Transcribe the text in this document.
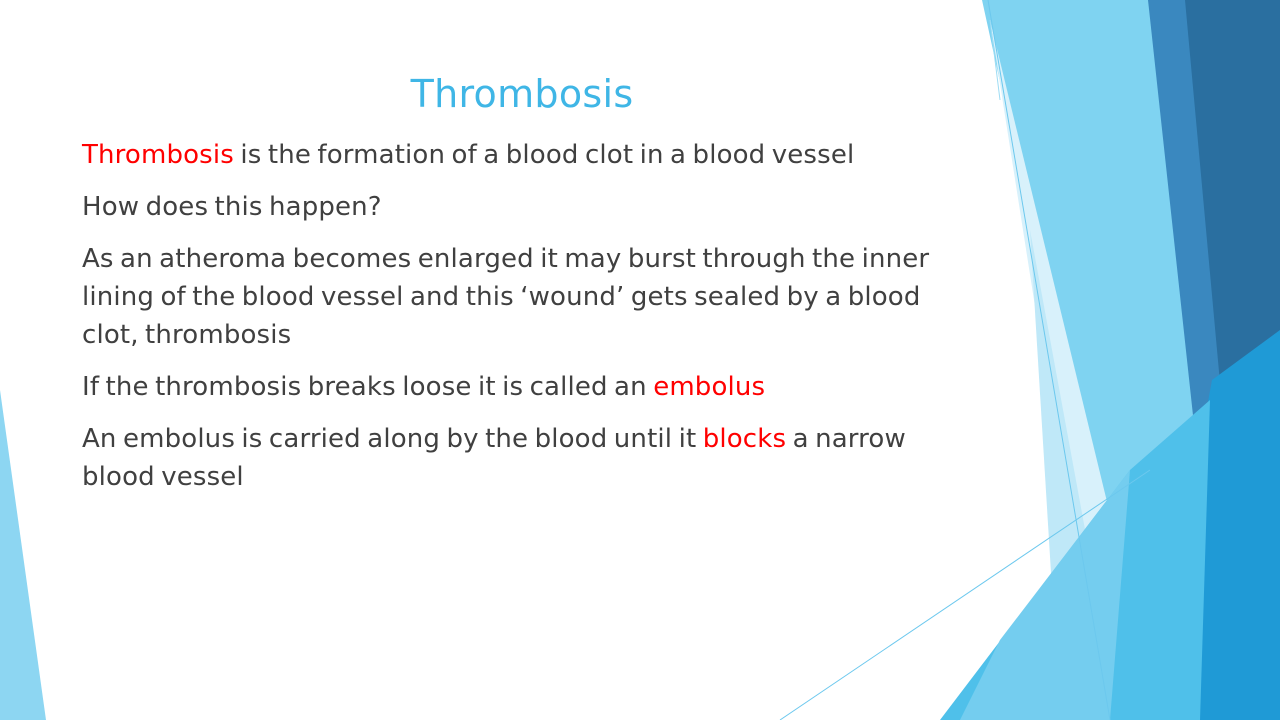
Thrombosis

Thrombosis is the formation of a blood clot in a blood vessel

How does this happen?

As an atheroma becomes enlarged it may burst through the inner lining of the blood vessel and this ‘wound’ gets sealed by a blood clot, thrombosis

If the thrombosis breaks loose it is called an embolus

An embolus is carried along by the blood until it blocks a narrow blood vessel
